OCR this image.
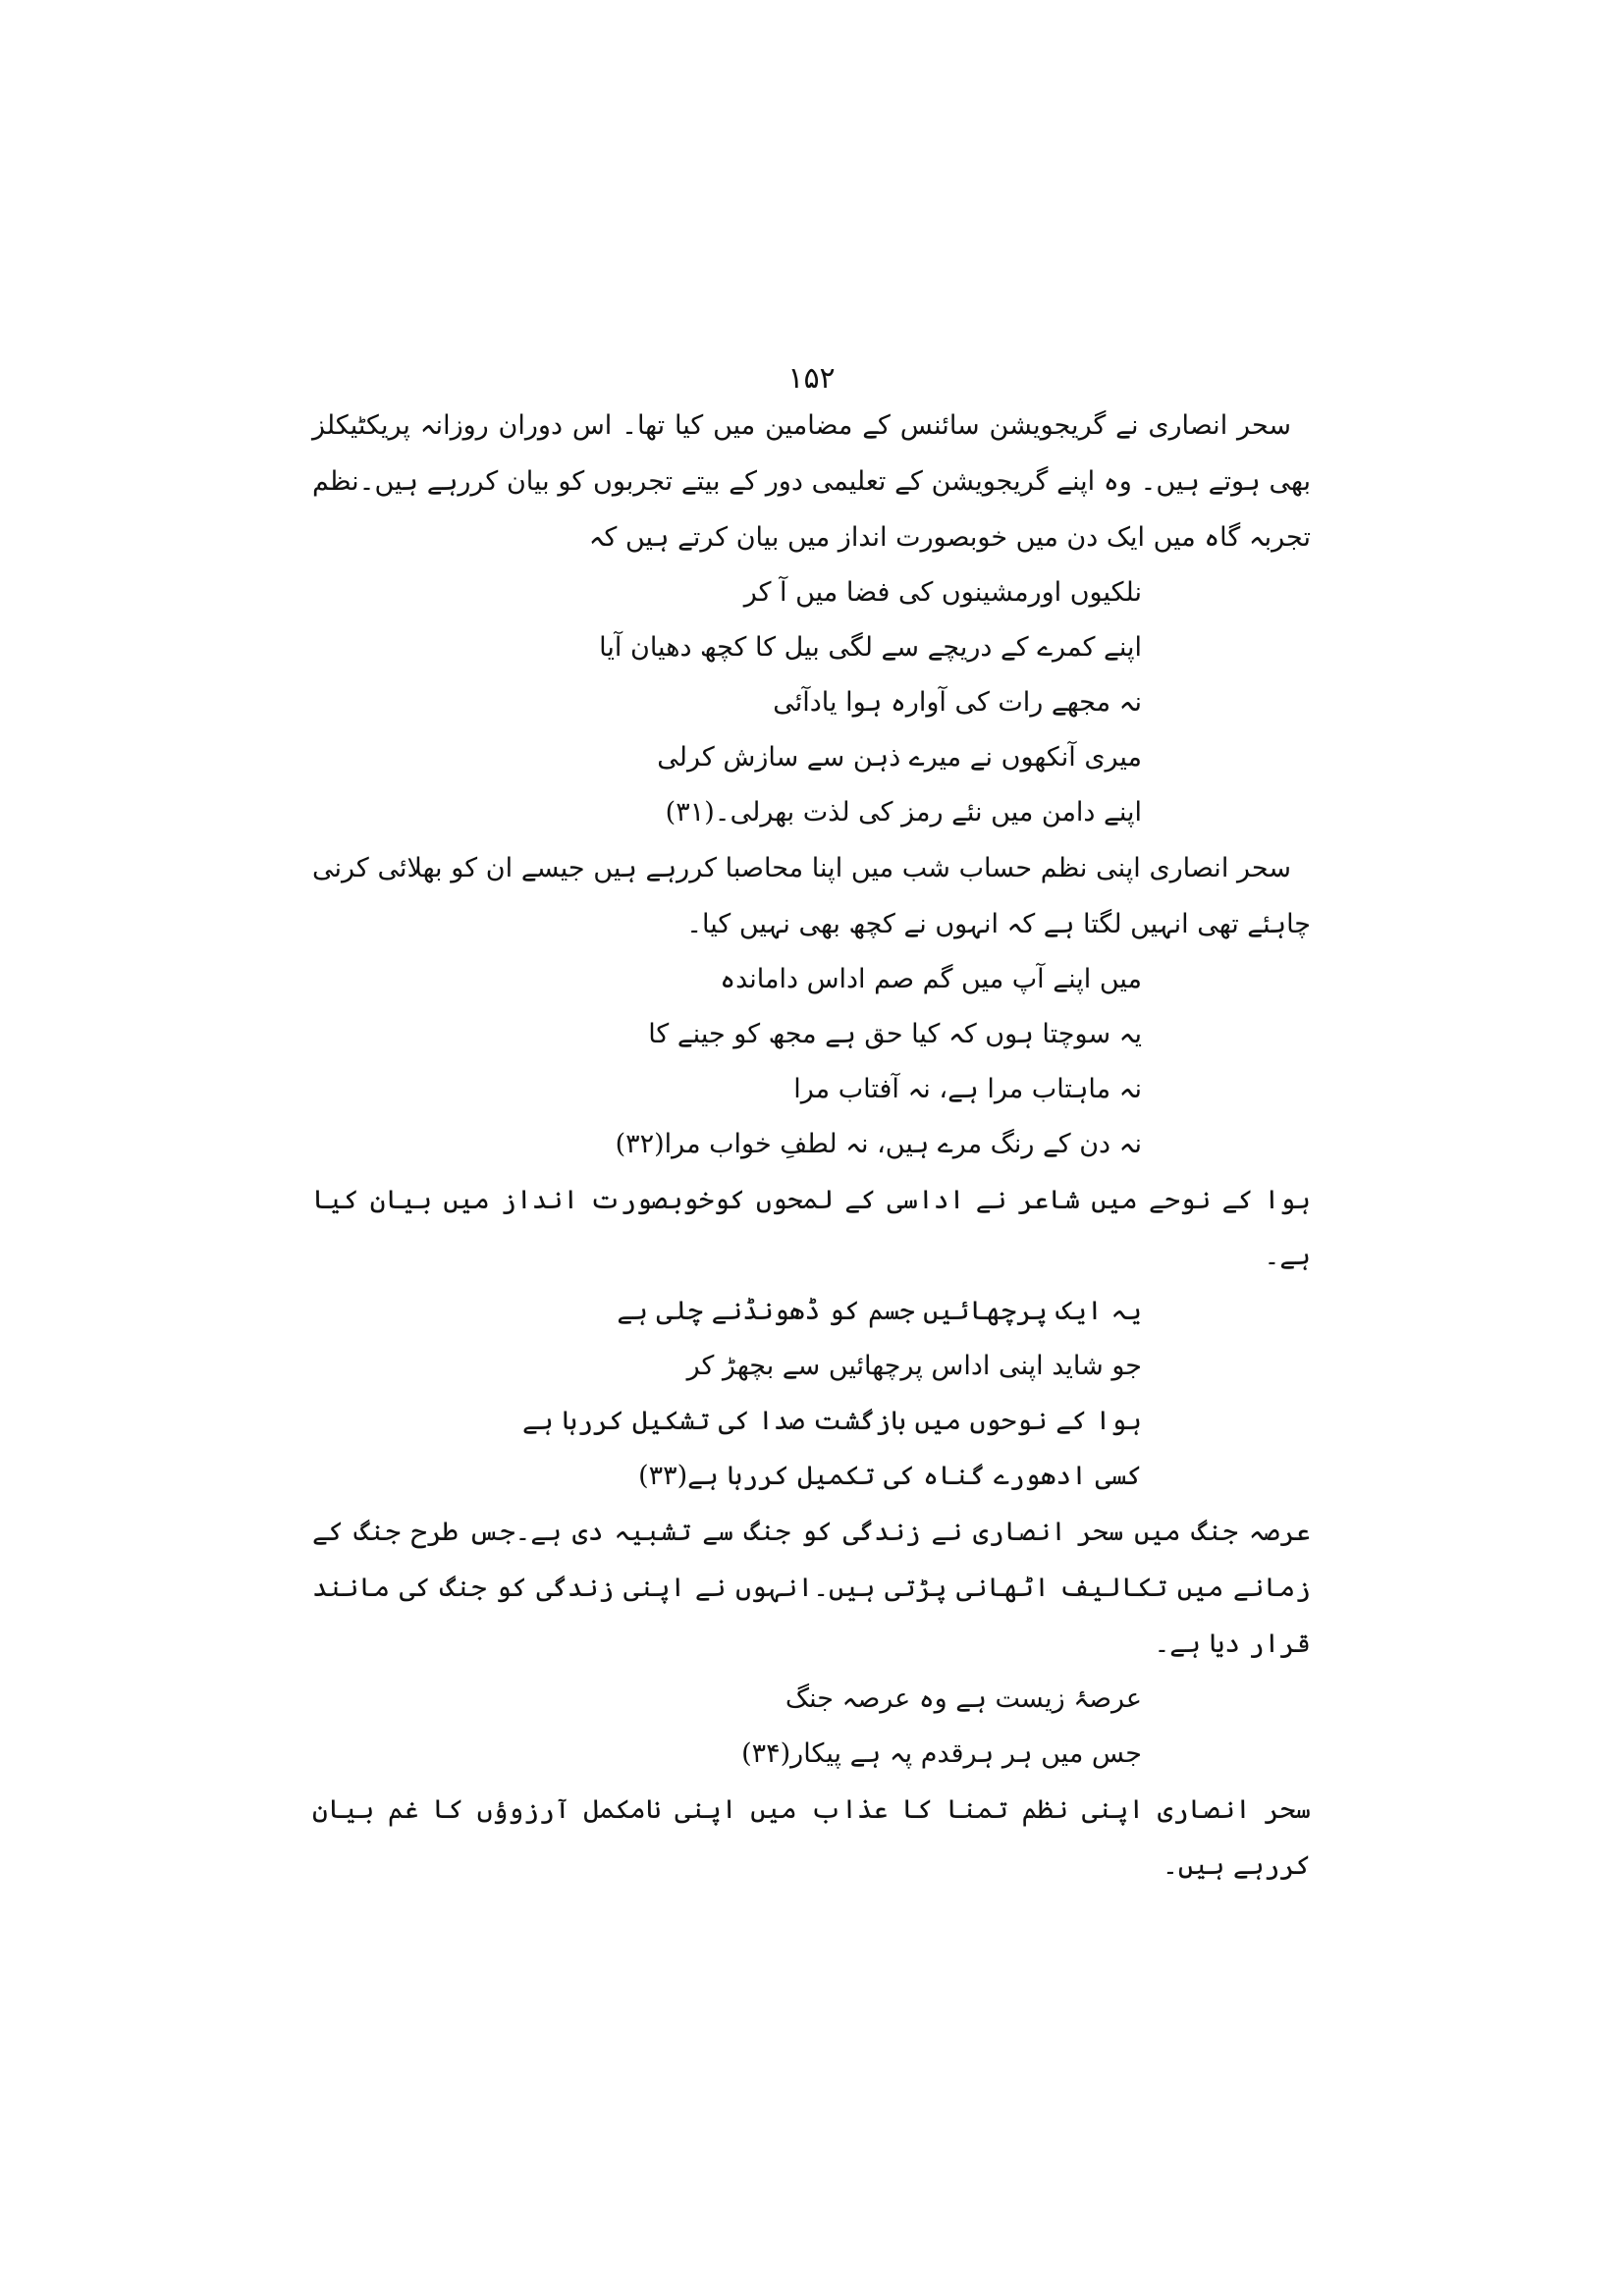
۱۵۲

سحر انصاری نے گریجویشن سائنس کے مضامین میں کیا تھا۔ اس دوران روزانہ پریکٹیکلز بھی ہوتے ہیں۔ وہ اپنے گریجویشن کے تعلیمی دور کے بیتے تجربوں کو بیان کررہے ہیں۔نظم تجربہ گاہ میں ایک دن میں خوبصورت انداز میں بیان کرتے ہیں کہ

نلکیوں اورمشینوں کی فضا میں آ کر
اپنے کمرے کے دریچے سے لگی بیل کا کچھ دھیان آیا
نہ مجھے رات کی آوارہ ہوا یادآئی
میری آنکھوں نے میرے ذہن سے سازش کرلی
اپنے دامن میں نئے رمز کی لذت بھرلی۔(۳۱)

سحر انصاری اپنی نظم حساب شب میں اپنا محاصبا کررہے ہیں جیسے ان کو بھلائی کرنی چاہئے تھی انہیں لگتا ہے کہ انہوں نے کچھ بھی نہیں کیا۔

میں اپنے آپ میں گم صم اداس داماندہ
یہ سوچتا ہوں کہ کیا حق ہے مجھ کو جینے کا
نہ ماہتاب مرا ہے، نہ آفتاب مرا
نہ دن کے رنگ مرے ہیں، نہ لطفِ خواب مرا(۳۲)

ہوا کے نوحے میں شاعر نے اداسی کے لمحوں کوخوبصورت انداز میں بیان کیا ہے۔

یہ ایک پرچھائیں جسم کو ڈھونڈنے چلی ہے
جو شاید اپنی اداس پرچھائیں سے بچھڑ کر
ہوا کے نوحوں میں بازگشت صدا کی تشکیل کررہا ہے
کسی ادھورے گناہ کی تکمیل کررہا ہے(۳۳)

عرصہ جنگ میں سحر انصاری نے زندگی کو جنگ سے تشبیہ دی ہے۔جس طرح جنگ کے زمانے میں تکالیف اٹھانی پڑتی ہیں۔انہوں نے اپنی زندگی کو جنگ کی مانند قرار دیا ہے۔

عرصۂ زیست ہے وہ عرصہ جنگ
جس میں ہر ہرقدم پہ ہے پیکار(۳۴)

سحر انصاری اپنی نظم تمنا کا عذاب میں اپنی نامکمل آرزوؤں کا غم بیان کررہے ہیں۔
